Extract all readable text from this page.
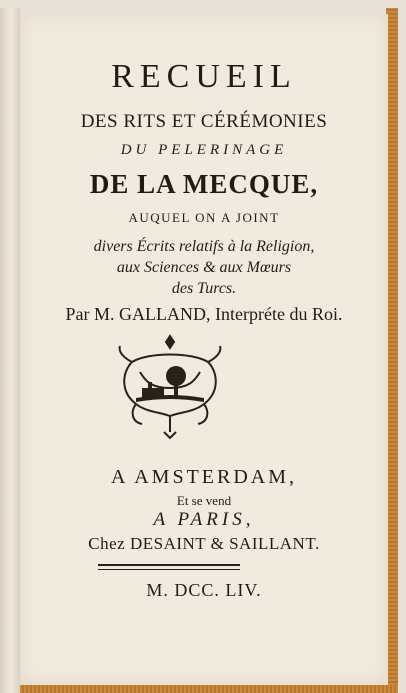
RECUEIL
DES RITS ET CÉRÉMONIES
DU PELERINAGE
DE LA MECQUE,
AUQUEL ON A JOINT
divers Écrits relatifs à la Religion,
aux Sciences & aux Mœurs
des Turcs.
Par M. GALLAND, Interpréte du Roi.
A AMSTERDAM,
Et se vend
A PARIS,
Chez DESAINT & SAILLANT.
M. DCC. LIV.
